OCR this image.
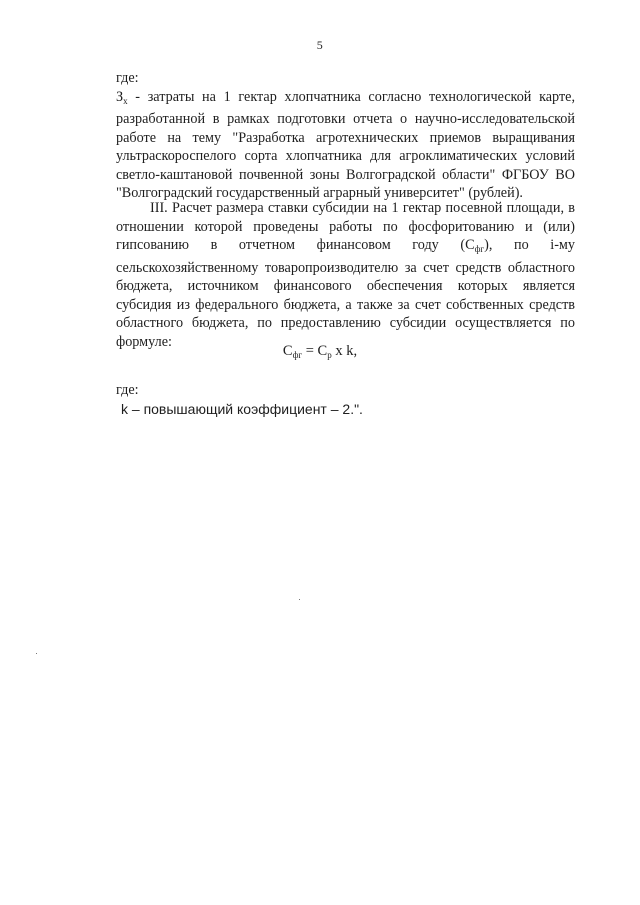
5
где:
$З_х$ - затраты на 1 гектар хлопчатника согласно технологической карте,
разработанной в рамках подготовки отчета о научно-исследовательской
работе на тему "Разработка агротехнических приемов выращивания
ультраскороспелого сорта хлопчатника для агроклиматических условий
светло-каштановой почвенной зоны Волгоградской области" ФГБОУ ВО
"Волгоградский государственный аграрный университет" (рублей).
III. Расчет размера ставки субсидии на 1 гектар посевной площади, в
отношении которой проведены работы по фосфоритованию и (или)
гипсованию в отчетном финансовом году $(С_{фг})$, по i-му
сельскохозяйственному товаропроизводителю за счет средств областного
бюджета, источником финансового обеспечения которых является
субсидия из федерального бюджета, а также за счет собственных средств
областного бюджета, по предоставлению субсидии осуществляется по
формуле:
$С_{фг} = С_р$ x k,
где:
k – повышающий коэффициент – 2.".
